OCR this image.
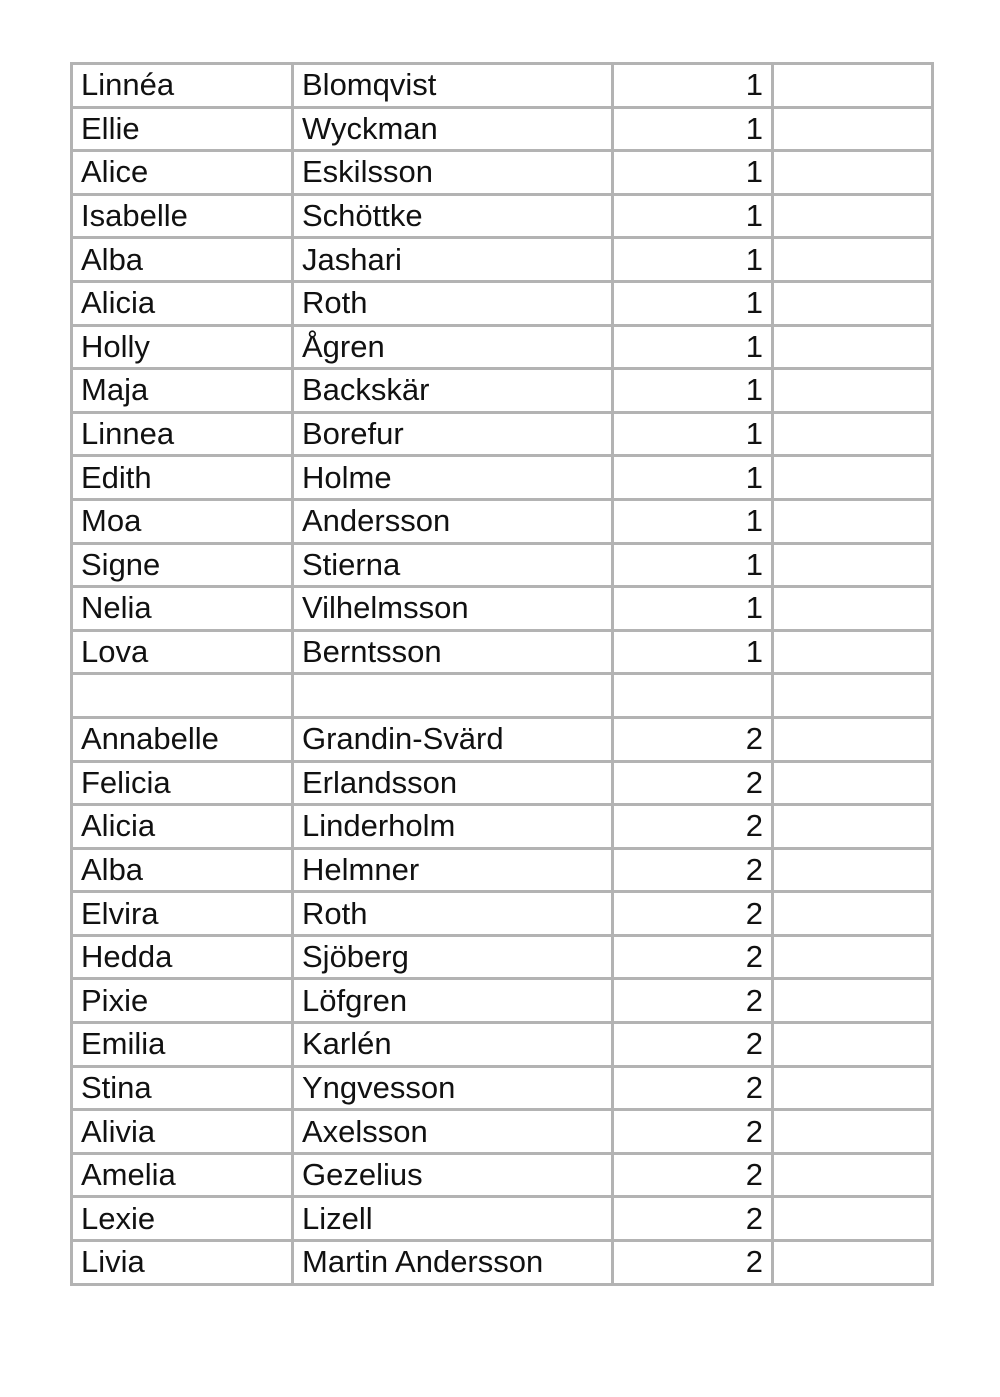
Linnéa	Blomqvist	1	
Ellie	Wyckman	1	
Alice	Eskilsson	1	
Isabelle	Schöttke	1	
Alba	Jashari	1	
Alicia	Roth	1	
Holly	Ågren	1	
Maja	Backskär	1	
Linnea	Borefur	1	
Edith	Holme	1	
Moa	Andersson	1	
Signe	Stierna	1	
Nelia	Vilhelmsson	1	
Lova	Berntsson	1	

Annabelle	Grandin-Svärd	2	
Felicia	Erlandsson	2	
Alicia	Linderholm	2	
Alba	Helmner	2	
Elvira	Roth	2	
Hedda	Sjöberg	2	
Pixie	Löfgren	2	
Emilia	Karlén	2	
Stina	Yngvesson	2	
Alivia	Axelsson	2	
Amelia	Gezelius	2	
Lexie	Lizell	2	
Livia	Martin Andersson	2	
